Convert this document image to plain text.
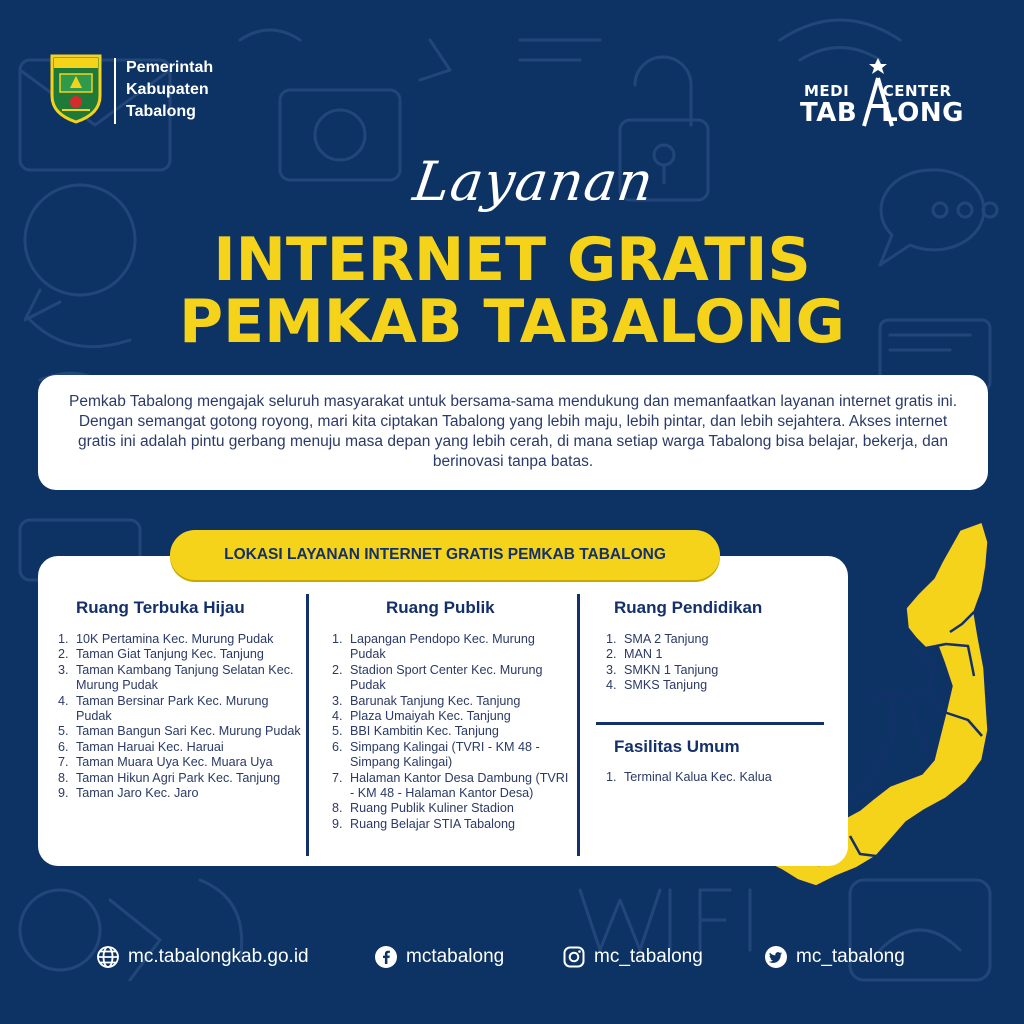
Pemerintah
Kabupaten
Tabalong
MEDI CENTER
TAB LONG
Layanan
INTERNET GRATIS
PEMKAB TABALONG

Pemkab Tabalong mengajak seluruh masyarakat untuk bersama-sama mendukung dan memanfaatkan layanan internet gratis ini. Dengan semangat gotong royong, mari kita ciptakan Tabalong yang lebih maju, lebih pintar, dan lebih sejahtera. Akses internet gratis ini adalah pintu gerbang menuju masa depan yang lebih cerah, di mana setiap warga Tabalong bisa belajar, bekerja, dan berinovasi tanpa batas.

LOKASI LAYANAN INTERNET GRATIS PEMKAB TABALONG
Ruang Terbuka Hijau	Ruang Publik	Ruang Pendidikan
Fasilitas Umum
1. 10K Pertamina Kec. Murung Pudak
2. Taman Giat Tanjung Kec. Tanjung
3. Taman Kambang Tanjung Selatan Kec. Murung Pudak
4. Taman Bersinar Park Kec. Murung Pudak
5. Taman Bangun Sari Kec. Murung Pudak
6. Taman Haruai Kec. Haruai
7. Taman Muara Uya Kec. Muara Uya
8. Taman Hikun Agri Park Kec. Tanjung
9. Taman Jaro Kec. Jaro
1. Lapangan Pendopo Kec. Murung Pudak
2. Stadion Sport Center Kec. Murung Pudak
3. Barunak Tanjung Kec. Tanjung
4. Plaza Umaiyah Kec. Tanjung
5. BBI Kambitin Kec. Tanjung
6. Simpang Kalingai (TVRI - KM 48 - Simpang Kalingai)
7. Halaman Kantor Desa Dambung (TVRI - KM 48 - Halaman Kantor Desa)
8. Ruang Publik Kuliner Stadion
9. Ruang Belajar STIA Tabalong
1. SMA 2 Tanjung
2. MAN 1
3. SMKN 1 Tanjung
4. SMKS Tanjung
1. Terminal Kalua Kec. Kalua
mc.tabalongkab.go.id	mctabalong	mc_tabalong	mc_tabalong
